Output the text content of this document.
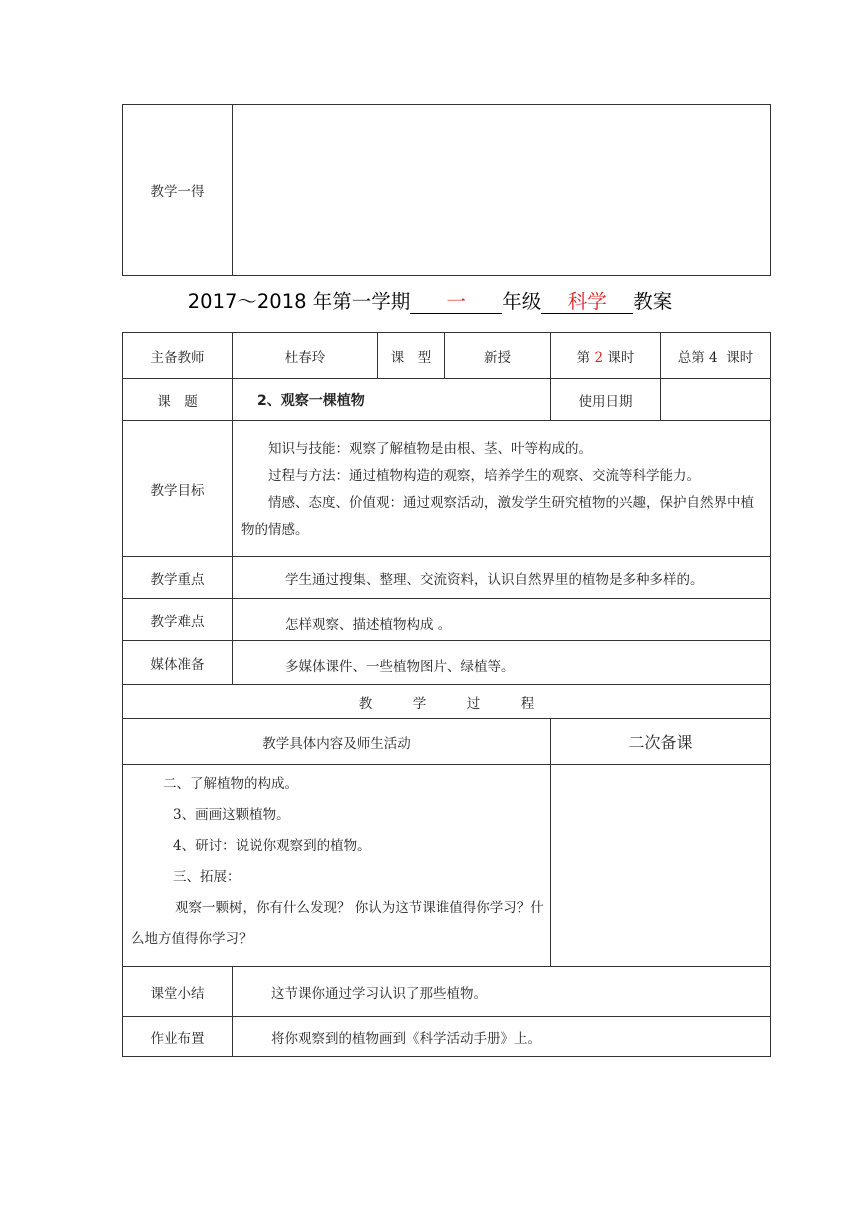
教学一得	
2017～2018 年第一学期 一 年级 科学 教案
主备教师	杜春玲	课　型	新授	第 2 课时	总第 4 课时
课　题	2、观察一棵植物			使用日期	
教学目标	知识与技能：观察了解植物是由根、茎、叶等构成的。
过程与方法：通过植物构造的观察，培养学生的观察、交流等科学能力。
情感、态度、价值观：通过观察活动，激发学生研究植物的兴趣，保护自然界中植物的情感。				

教学重点	学生通过搜集、整理、交流资料，认识自然界里的植物是多种多样的。				
教学难点	怎样观察、描述植物构成 。				
媒体准备	多媒体课件、一些植物图片、绿植等。				
教　　　学　　　过　　　程					
教学具体内容及师生活动				二次备课	

二、了解植物的构成。
3、画画这颗植物。
4、研讨：说说你观察到的植物。
三、拓展：
观察一颗树，你有什么发现？ 你认为这节课谁值得你学习？什么地方值得你学习？					

课堂小结	这节课你通过学习认识了那些植物。				
作业布置	将你观察到的植物画到《科学活动手册》上。				
